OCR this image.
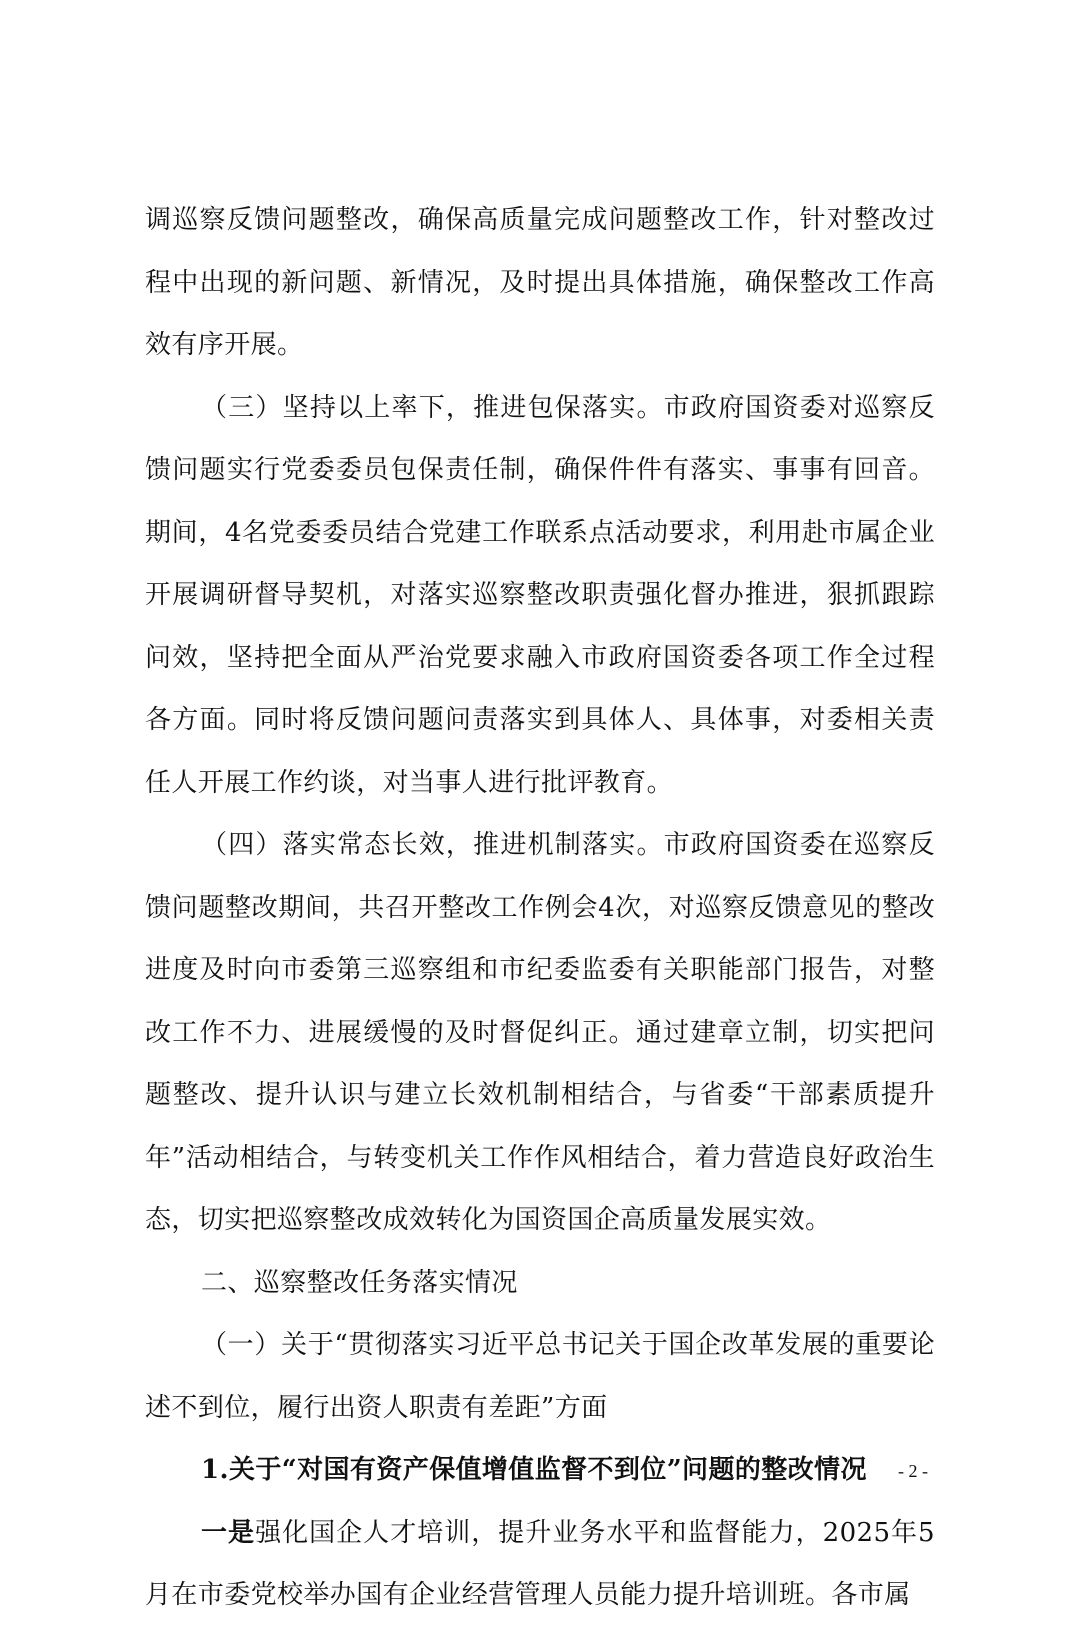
调巡察反馈问题整改，确保高质量完成问题整改工作，针对整改过程中出现的新问题、新情况，及时提出具体措施，确保整改工作高效有序开展。

（三）坚持以上率下，推进包保落实。市政府国资委对巡察反馈问题实行党委委员包保责任制，确保件件有落实、事事有回音。期间，4名党委委员结合党建工作联系点活动要求，利用赴市属企业开展调研督导契机，对落实巡察整改职责强化督办推进，狠抓跟踪问效，坚持把全面从严治党要求融入市政府国资委各项工作全过程各方面。同时将反馈问题问责落实到具体人、具体事，对委相关责任人开展工作约谈，对当事人进行批评教育。

（四）落实常态长效，推进机制落实。市政府国资委在巡察反馈问题整改期间，共召开整改工作例会4次，对巡察反馈意见的整改进度及时向市委第三巡察组和市纪委监委有关职能部门报告，对整改工作不力、进展缓慢的及时督促纠正。通过建章立制，切实把问题整改、提升认识与建立长效机制相结合，与省委“干部素质提升年”活动相结合，与转变机关工作作风相结合，着力营造良好政治生态，切实把巡察整改成效转化为国资国企高质量发展实效。

二、巡察整改任务落实情况

（一）关于“贯彻落实习近平总书记关于国企改革发展的重要论述不到位，履行出资人职责有差距”方面

1.关于“对国有资产保值增值监督不到位”问题的整改情况

一是强化国企人才培训，提升业务水平和监督能力，2025年5月在市委党校举办国有企业经营管理人员能力提升培训班。各市属

- 2 -
